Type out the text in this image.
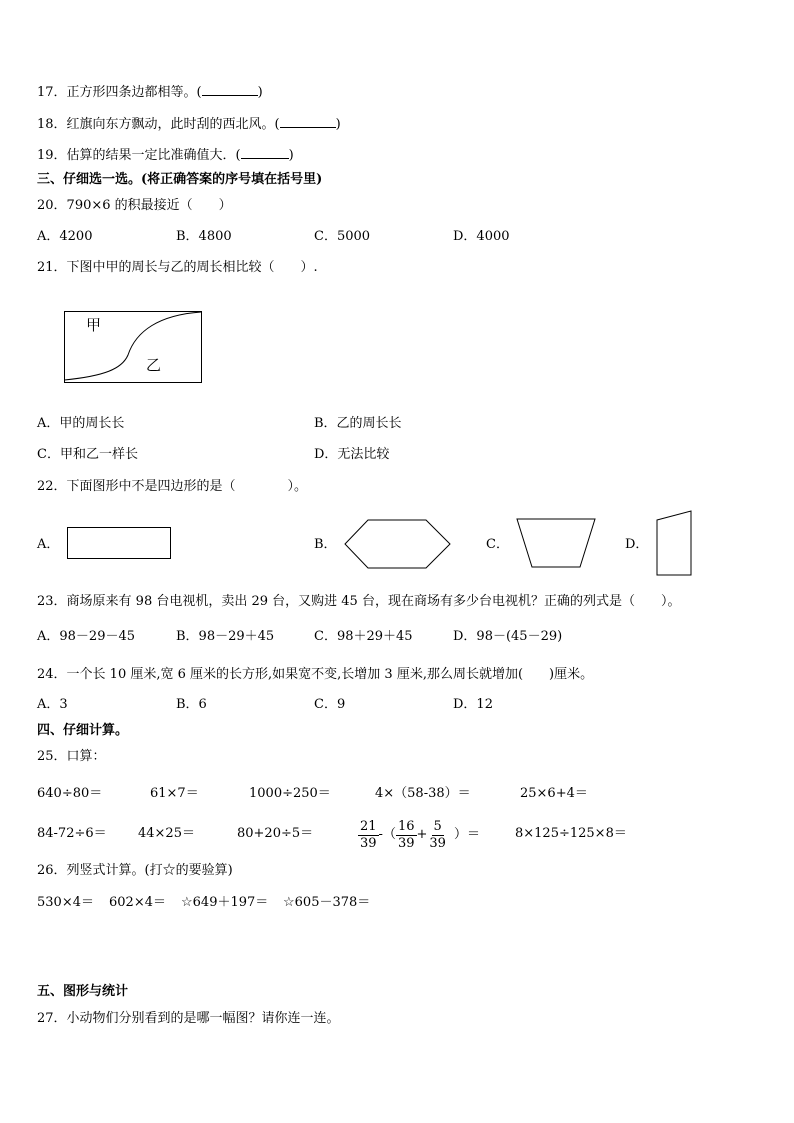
17．正方形四条边都相等。(	)
18．红旗向东方飘动，此时刮的西北风。(	)
19．估算的结果一定比准确值大．(	)
三、仔细选一选。(将正确答案的序号填在括号里)
20．790×6 的积最接近（　　）
A．4200	B．4800	C．5000	D．4000
21．下图中甲的周长与乙的周长相比较（　　）.
甲
乙
A．甲的周长长	B．乙的周长长
C．甲和乙一样长	D．无法比较
22．下面图形中不是四边形的是（　　　　）。
A．	B．	C．	D．
23．商场原来有 98 台电视机，卖出 29 台，又购进 45 台，现在商场有多少台电视机？正确的列式是（　　）。
A．98－29－45	B．98－29＋45	C．98＋29＋45	D．98－(45－29)
24．一个长 10 厘米,宽 6 厘米的长方形,如果宽不变,长增加 3 厘米,那么周长就增加(　　)厘米。
A．3	B．6	C．9	D．12
四、仔细计算。
25．口算：
640÷80＝	61×7＝	1000÷250＝	4×（58-38）＝	25×6+4＝
84-72÷6＝ 44×25＝	80+20÷5＝	$\frac{21}{39}$ -（ $\frac{16}{39} + \frac{5}{39}$ ）＝	8×125÷125×8＝
26．列竖式计算。(打☆的要验算)
530×4＝ 602×4＝ ☆649＋197＝ ☆605－378＝
五、图形与统计
27．小动物们分别看到的是哪一幅图？请你连一连。
